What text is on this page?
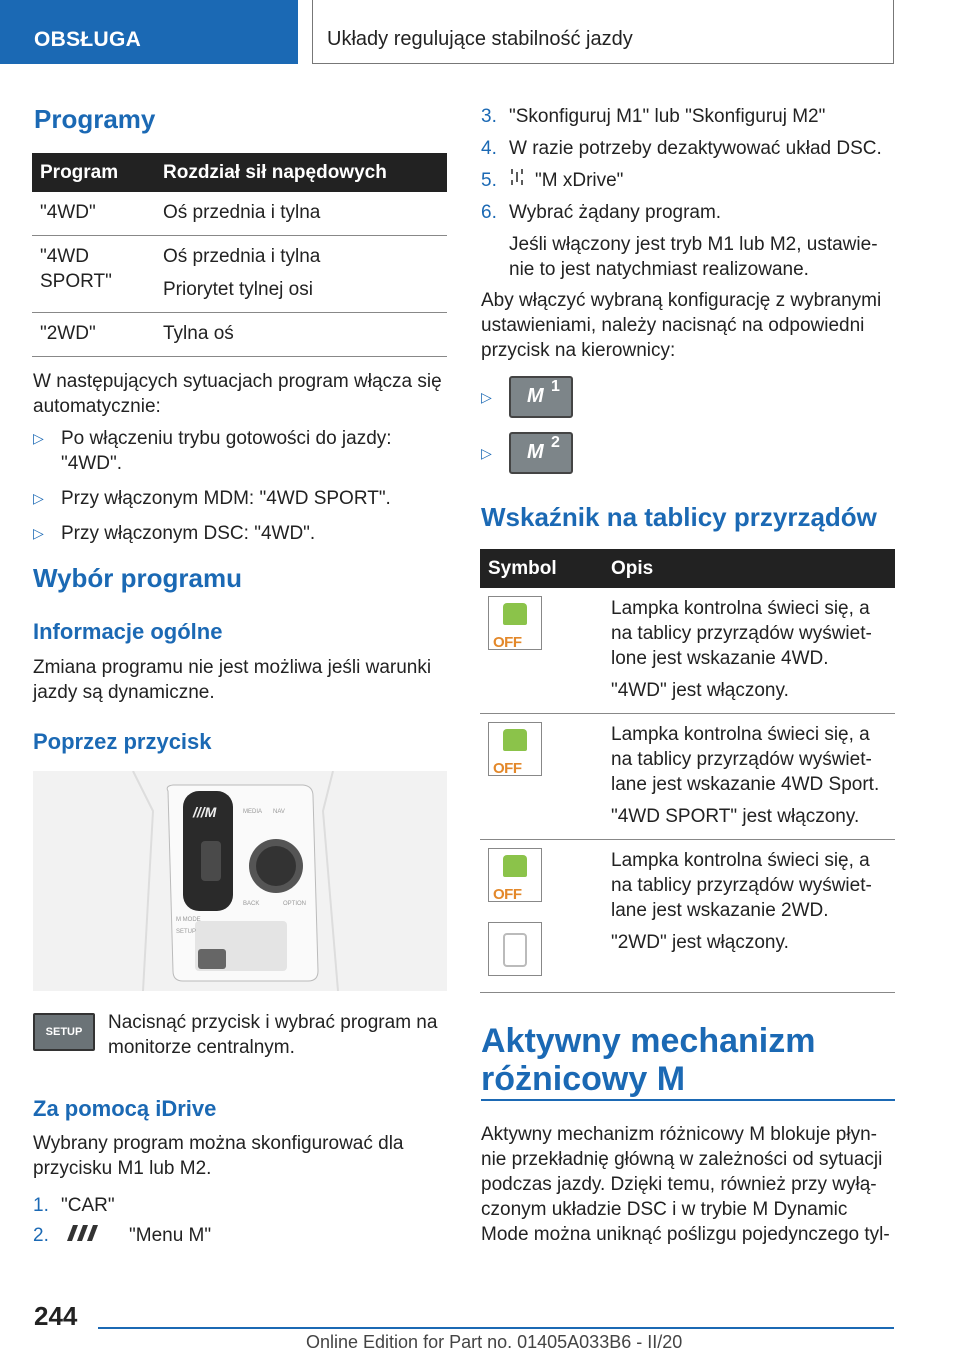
OBSŁUGA	Układy regulujące stabilność jazdy
Programy
Program	Rozdział sił napędowych
"4WD"	Oś przednia i tylna

"4WD SPORT"	Oś przednia i tylna
Priorytet tylnej osi

"2WD"	Tylna oś
W następujących sytuacjach program włącza się automatycznie:
▷ Po włączeniu trybu gotowości do jazdy: "4WD".
▷ Przy włączonym MDM: "4WD SPORT".
▷ Przy włączonym DSC: "4WD".
Wybór programu
Informacje ogólne
Zmiana programu nie jest możliwa jeśli warunki jazdy są dynamiczne.
Poprzez przycisk
///M	MEDIA NAV
BACK	OPTION
M MODE
SETUP
SETUP	Nacisnąć przycisk i wybrać program na monitorze centralnym.
Za pomocą iDrive
Wybrany program można skonfigurować dla przycisku M1 lub M2.
1. "CAR"
2.	"Menu M"
3. "Skonfiguruj M1" lub "Skonfiguruj M2"
4. W razie potrzeby dezaktywować układ DSC.
5.	"M xDrive"
6. Wybrać żądany program.
Jeśli włączony jest tryb M1 lub M2, ustawienie to jest natychmiast realizowane.
Aby włączyć wybraną konfigurację z wybranymi ustawieniami, należy nacisnąć na odpowiedni przycisk na kierownicy:
▷	M 1
▷	M 2
Wskaźnik na tablicy przyrządów
Symbol	Opis

OFF	Lampka kontrolna świeci się, a na tablicy przyrządów wyświetlone jest wskazanie 4WD.
"4WD" jest włączony.

OFF	Lampka kontrolna świeci się, a na tablicy przyrządów wyświetlane jest wskazanie 4WD Sport.
"4WD SPORT" jest włączony.

OFF	Lampka kontrolna świeci się, a na tablicy przyrządów wyświetlane jest wskazanie 2WD.
"2WD" jest włączony.
Aktywny mechanizm
różnicowy M
Aktywny mechanizm różnicowy M blokuje płynnie przekładnię główną w zależności od sytuacji podczas jazdy. Dzięki temu, również przy wyłączonym układzie DSC i w trybie M Dynamic Mode można uniknąć poślizgu pojedynczego tyl-
244
Online Edition for Part no. 01405A033B6 - II/20
